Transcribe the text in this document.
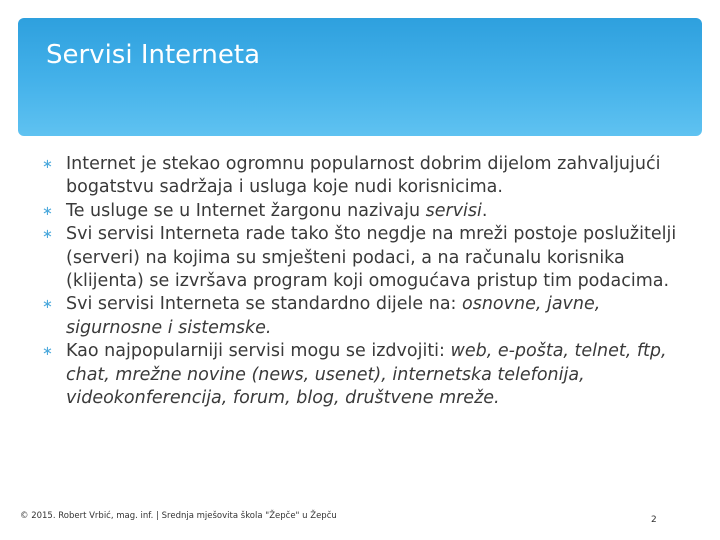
Servisi Interneta
∗ Internet je stekao ogromnu popularnost dobrim dijelom zahvaljujući bogatstvu sadržaja i usluga koje nudi korisnicima.
∗ Te usluge se u Internet žargonu nazivaju servisi.
∗ Svi servisi Interneta rade tako što negdje na mreži postoje poslužitelji (serveri) na kojima su smješteni podaci, a na računalu korisnika (klijenta) se izvršava program koji omogućava pristup tim podacima.
∗ Svi servisi Interneta se standardno dijele na: osnovne, javne, sigurnosne i sistemske.
∗ Kao najpopularniji servisi mogu se izdvojiti: web, e-pošta, telnet, ftp, chat, mrežne novine (news, usenet), internetska telefonija, videokonferencija, forum, blog, društvene mreže.
© 2015. Robert Vrbić, mag. inf. | Srednja mješovita škola "Žepče" u Žepču	2
